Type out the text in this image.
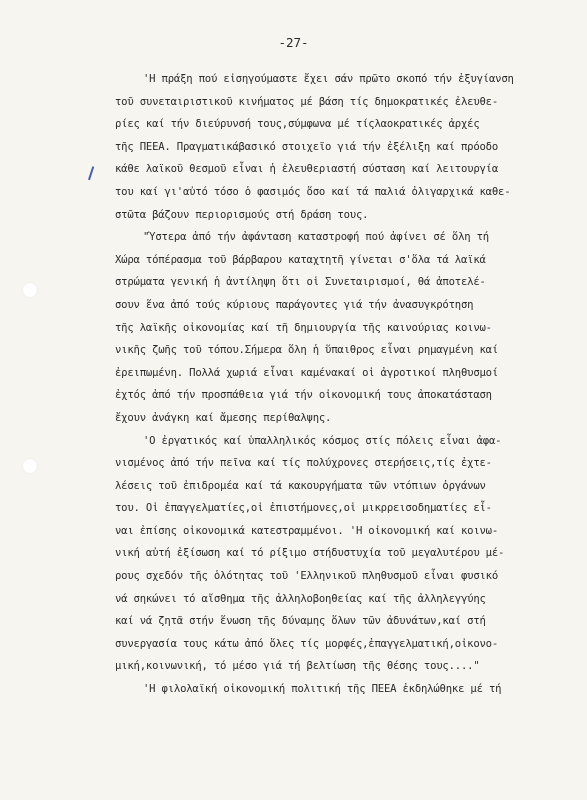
-27-
'Η πράξη πού εἰσηγούμαστε ἔχει σάν πρῶτο σκοπό τήν ἐξυγίανση
τοῦ συνεταιριστικοῦ κινήματος μέ βάση τίς δημοκρατικές ἐλευθε-
ρίες καί τήν διεύρυνσή τους,σύμφωνα μέ τίςλαοκρατικές ἀρχές
τῆς ΠΕΕΑ. Πραγματικάβασικό στοιχεῖο γιά τήν ἐξέλιξη καί πρόοδο
κάθε λαϊκοῦ θεσμοῦ εἶναι ἡ ἐλευθεριαστή σύσταση καί λειτουργία
του καί γι'αὐτό τόσο ὁ φασιμός ὅσο καί τά παλιά ὀλιγαρχικά καθε-
στῶτα βάζουν περιορισμούς στή δράση τους.
"Ύστερα ἀπό τήν ἀφάνταση καταστροφή πού ἀφίνει σέ ὅλη τή
Χώρα τόπέρασμα τοῦ βάρβαρου καταχτητῆ γίνεται σ'ὅλα τά λαϊκά
στρώματα γενική ἡ ἀντίληψη ὅτι οἱ Συνεταιρισμοί, θά ἀποτελέ-
σουν ἕνα ἀπό τούς κύριους παράγοντες γιά τήν ἀνασυγκρότηση
τῆς λαϊκῆς οἰκονομίας καί τῆ δημιουργία τῆς καινούριας κοινω-
νικῆς ζωῆς τοῦ τόπου.Σήμερα ὅλη ἡ ὕπαιθρος εἶναι ρημαγμένη καί
ἐρειπωμένη. Πολλά χωριά εἶναι καμένακαί οἱ ἀγροτικοί πληθυσμοί
ἐχτός ἀπό τήν προσπάθεια γιά τήν οἰκονομική τους ἀποκατάσταση
ἔχουν ἀνάγκη καί ἄμεσης περίθαλψης.
'Ο ἐργατικός καί ὑπαλληλικός κόσμος στίς πόλεις εἶναι ἀφα-
νισμένος ἀπό τήν πεῖνα καί τίς πολύχρονες στερήσεις,τίς ἐχτε-
λέσεις τοῦ ἐπιδρομέα καί τά κακουργήματα τῶν ντόπιων ὀργάνων
του. Οἱ ἐπαγγελματίες,οἱ ἐπιστήμονες,οἱ μικρρεισοδηματίες εἶ-
ναι ἐπίσης οἰκονομικά κατεστραμμένοι. 'Η οἰκονομική καί κοινω-
νική αὐτή ἐξίσωση καί τό ρίξιμο στήδυστυχία τοῦ μεγαλυτέρου μέ-
ρους σχεδόν τῆς ὁλότητας τοῦ 'Ελληνικοῦ πληθυσμοῦ εἶναι φυσικό
νά σηκώνει τό αἴσθημα τῆς ἀλληλοβοηθείας καί τῆς ἀλληλεγγύης
καί νά ζητᾶ στήν ἕνωση τῆς δύναμης ὅλων τῶν ἀδυνάτων,καί στή
συνεργασία τους κάτω ἀπό ὅλες τίς μορφές,ἐπαγγελματική,οἰκονο-
μική,κοινωνική, τό μέσο γιά τή βελτίωση τῆς θέσης τους...."
'Η φιλολαϊκή οἰκονομική πολιτική τῆς ΠΕΕΑ ἐκδηλώθηκε μέ τή
